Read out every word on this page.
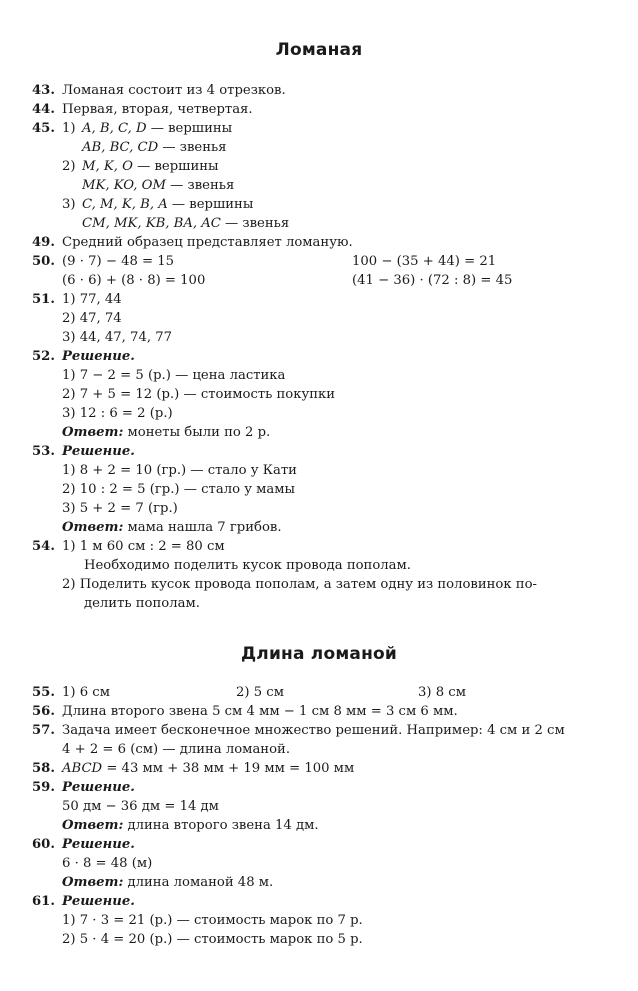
Ломаная
43. Ломаная состоит из 4 отрезков.
44. Первая, вторая, четвертая.
45. 1) A, B, C, D — вершины
AB, BC, CD — звенья
2) M, K, O — вершины
MK, KO, OM — звенья
3) C, M, K, B, A — вершины
CM, MK, KB, BA, AC — звенья
49. Средний образец представляет ломаную.
50. (9 · 7) − 48 = 15	100 − (35 + 44) = 21
(6 · 6) + (8 · 8) = 100	(41 − 36) · (72 : 8) = 45
51. 1) 77, 44
2) 47, 74
3) 44, 47, 74, 77
52. Решение.
1) 7 − 2 = 5 (р.) — цена ластика
2) 7 + 5 = 12 (р.) — стоимость покупки
3) 12 : 6 = 2 (р.)
Ответ: монеты были по 2 р.
53. Решение.
1) 8 + 2 = 10 (гр.) — стало у Кати
2) 10 : 2 = 5 (гр.) — стало у мамы
3) 5 + 2 = 7 (гр.)
Ответ: мама нашла 7 грибов.
54. 1) 1 м 60 см : 2 = 80 см
Необходимо поделить кусок провода пополам.
2) Поделить кусок провода пополам, а затем одну из половинок по-
делить пополам.
Длина ломаной
55. 1) 6 см	2) 5 см	3) 8 см
56. Длина второго звена 5 см 4 мм − 1 см 8 мм = 3 см 6 мм.
57. Задача имеет бесконечное множество решений. Например: 4 см и 2 см
4 + 2 = 6 (см) — длина ломаной.
58. ABCD = 43 мм + 38 мм + 19 мм = 100 мм
59. Решение.
50 дм − 36 дм = 14 дм
Ответ: длина второго звена 14 дм.
60. Решение.
6 · 8 = 48 (м)
Ответ: длина ломаной 48 м.
61. Решение.
1) 7 · 3 = 21 (р.) — стоимость марок по 7 р.
2) 5 · 4 = 20 (р.) — стоимость марок по 5 р.
